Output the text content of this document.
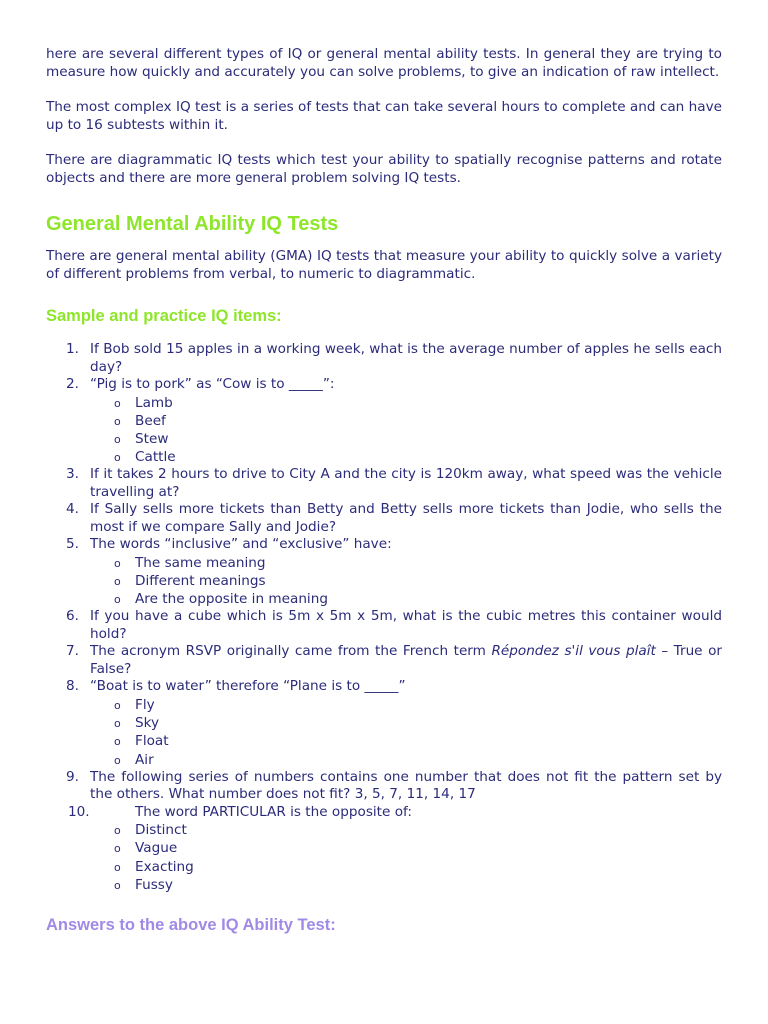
here are several different types of IQ or general mental ability tests. In general they are trying to measure how quickly and accurately you can solve problems, to give an indication of raw intellect.

The most complex IQ test is a series of tests that can take several hours to complete and can have up to 16 subtests within it.

There are diagrammatic IQ tests which test your ability to spatially recognise patterns and rotate objects and there are more general problem solving IQ tests.

General Mental Ability IQ Tests

There are general mental ability (GMA) IQ tests that measure your ability to quickly solve a variety of different problems from verbal, to numeric to diagrammatic.

Sample and practice IQ items:
1. If Bob sold 15 apples in a working week, what is the average number of apples he sells each day?
2. “Pig is to pork” as “Cow is to _____”:
o Lamb
o Beef
o Stew
o Cattle
3. If it takes 2 hours to drive to City A and the city is 120km away, what speed was the vehicle travelling at?
4. If Sally sells more tickets than Betty and Betty sells more tickets than Jodie, who sells the most if we compare Sally and Jodie?
5. The words “inclusive” and “exclusive” have:
o The same meaning
o Different meanings
o Are the opposite in meaning
6. If you have a cube which is 5m x 5m x 5m, what is the cubic metres this container would hold?
7. The acronym RSVP originally came from the French term Répondez s'il vous plaît – True or False?
8. “Boat is to water” therefore “Plane is to _____”
o Fly
o Sky
o Float
o Air
9. The following series of numbers contains one number that does not fit the pattern set by the others. What number does not fit? 3, 5, 7, 11, 14, 17
10.	The word PARTICULAR is the opposite of:
o Distinct
o Vague
o Exacting
o Fussy
Answers to the above IQ Ability Test:
